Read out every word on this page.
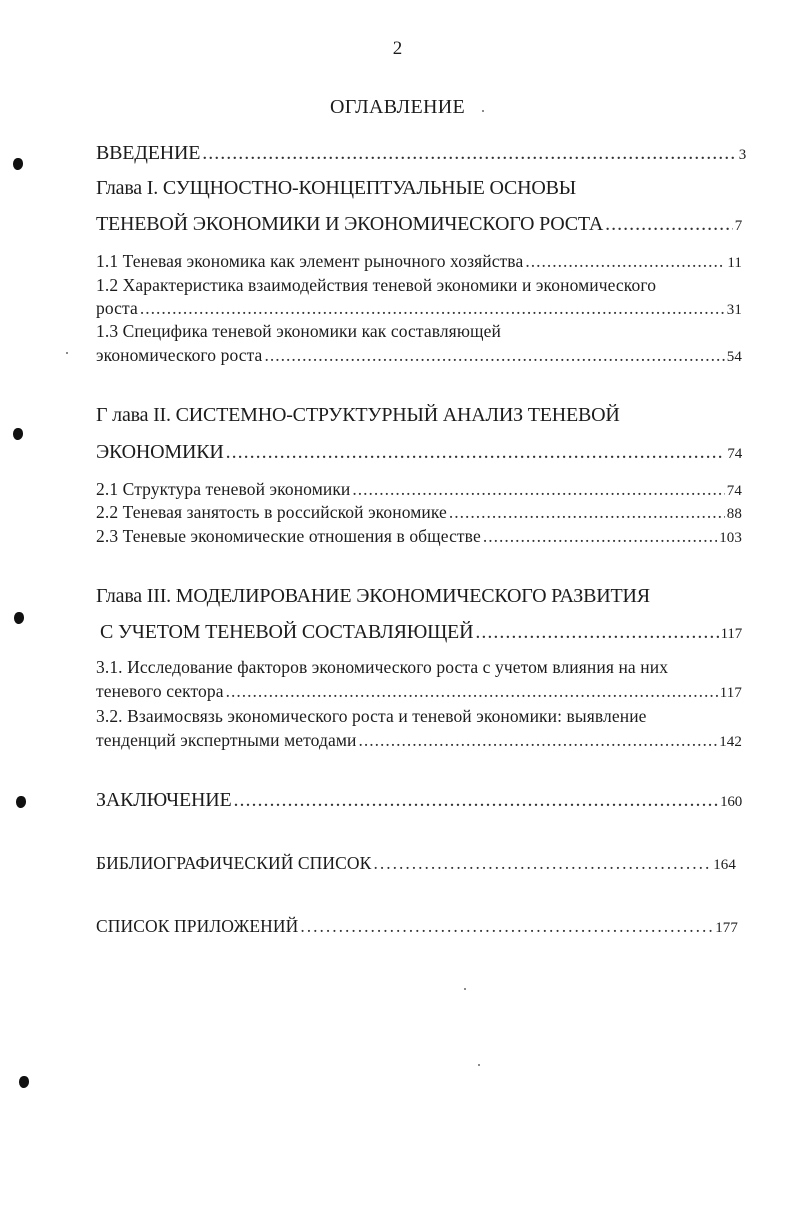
2
ОГЛАВЛЕНИЕ
ВВЕДЕНИЕ .....	3
Глава I. СУЩНОСТНО-КОНЦЕПТУАЛЬНЫЕ ОСНОВЫ
ТЕНЕВОЙ ЭКОНОМИКИ И ЭКОНОМИЧЕСКОГО РОСТА .....	7
1.1 Теневая экономика как элемент рыночного хозяйства .....	11
1.2 Характеристика взаимодействия теневой экономики и экономического
роста .....	31
1.3 Специфика теневой экономики как составляющей
экономического роста .....	54
Г лава II. СИСТЕМНО-СТРУКТУРНЫЙ АНАЛИЗ ТЕНЕВОЙ
ЭКОНОМИКИ .....	74
2.1 Структура теневой экономики .....	74
2.2 Теневая занятость в российской экономике .....	88
2.3 Теневые экономические отношения в обществе .....	103
Глава III. МОДЕЛИРОВАНИЕ ЭКОНОМИЧЕСКОГО РАЗВИТИЯ
С УЧЕТОМ ТЕНЕВОЙ СОСТАВЛЯЮЩЕЙ .....	117
3.1. Исследование факторов экономического роста с учетом влияния на них
теневого сектора .....	117
3.2. Взаимосвязь экономического роста и теневой экономики: выявление
тенденций экспертными методами .....	142
ЗАКЛЮЧЕНИЕ .....	160
БИБЛИОГРАФИЧЕСКИЙ СПИСОК .....	164
СПИСОК ПРИЛОЖЕНИЙ .....	177
